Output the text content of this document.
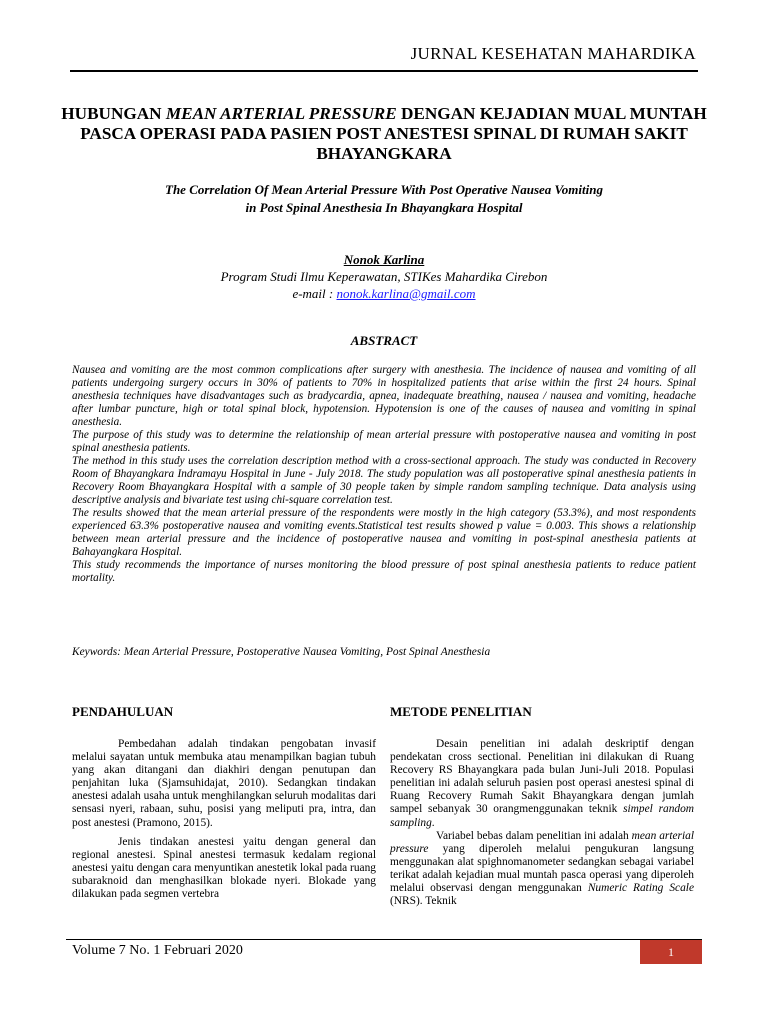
JURNAL KESEHATAN MAHARDIKA
HUBUNGAN MEAN ARTERIAL PRESSURE DENGAN KEJADIAN MUAL MUNTAH PASCA OPERASI PADA PASIEN POST ANESTESI SPINAL DI RUMAH SAKIT BHAYANGKARA
The Correlation Of Mean Arterial Pressure With Post Operative Nausea Vomiting
in Post Spinal Anesthesia In Bhayangkara Hospital
Nonok Karlina
Program Studi Ilmu Keperawatan, STIKes Mahardika Cirebon
e-mail : nonok.karlina@gmail.com
ABSTRACT

Nausea and vomiting are the most common complications after surgery with anesthesia. The incidence of nausea and vomiting of all patients undergoing surgery occurs in 30% of patients to 70% in hospitalized patients that arise within the first 24 hours. Spinal anesthesia techniques have disadvantages such as bradycardia, apnea, inadequate breathing, nausea / nausea and vomiting, headache after lumbar puncture, high or total spinal block, hypotension. Hypotension is one of the causes of nausea and vomiting in spinal anesthesia.

The purpose of this study was to determine the relationship of mean arterial pressure with postoperative nausea and vomiting in post spinal anesthesia patients.

The method in this study uses the correlation description method with a cross-sectional approach. The study was conducted in Recovery Room of Bhayangkara Indramayu Hospital in June - July 2018. The study population was all postoperative spinal anesthesia patients in Recovery Room Bhayangkara Hospital with a sample of 30 people taken by simple random sampling technique. Data analysis using descriptive analysis and bivariate test using chi-square correlation test.

The results showed that the mean arterial pressure of the respondents were mostly in the high category (53.3%), and most respondents experienced 63.3% postoperative nausea and vomiting events.Statistical test results showed p value = 0.003. This shows a relationship between mean arterial pressure and the incidence of postoperative nausea and vomiting in post-spinal anesthesia patients at Bahayangkara Hospital.

This study recommends the importance of nurses monitoring the blood pressure of post spinal anesthesia patients to reduce patient mortality.

Keywords: Mean Arterial Pressure, Postoperative Nausea Vomiting, Post Spinal Anesthesia
PENDAHULUAN

Pembedahan adalah tindakan pengobatan invasif melalui sayatan untuk membuka atau menampilkan bagian tubuh yang akan ditangani dan diakhiri dengan penutupan dan penjahitan luka (Sjamsuhidajat, 2010). Sedangkan tindakan anestesi adalah usaha untuk menghilangkan seluruh modalitas dari sensasi nyeri, rabaan, suhu, posisi yang meliputi pra, intra, dan post anestesi (Pramono, 2015).

Jenis tindakan anestesi yaitu dengan general dan regional anestesi. Spinal anestesi termasuk kedalam regional anestesi yaitu dengan cara menyuntikan anestetik lokal pada ruang subaraknoid dan menghasilkan blokade nyeri. Blokade yang dilakukan pada segmen vertebra

METODE PENELITIAN

Desain penelitian ini adalah deskriptif dengan pendekatan cross sectional. Penelitian ini dilakukan di Ruang Recovery RS Bhayangkara pada bulan Juni-Juli 2018. Populasi penelitian ini adalah seluruh pasien post operasi anestesi spinal di Ruang Recovery Rumah Sakit Bhayangkara dengan jumlah sampel sebanyak 30 orangmenggunakan teknik simpel random sampling.

Variabel bebas dalam penelitian ini adalah mean arterial pressure yang diperoleh melalui pengukuran langsung menggunakan alat spighnomanometer sedangkan sebagai variabel terikat adalah kejadian mual muntah pasca operasi yang diperoleh melalui observasi dengan menggunakan Numeric Rating Scale (NRS). Teknik

Volume 7 No. 1 Februari 2020	1
